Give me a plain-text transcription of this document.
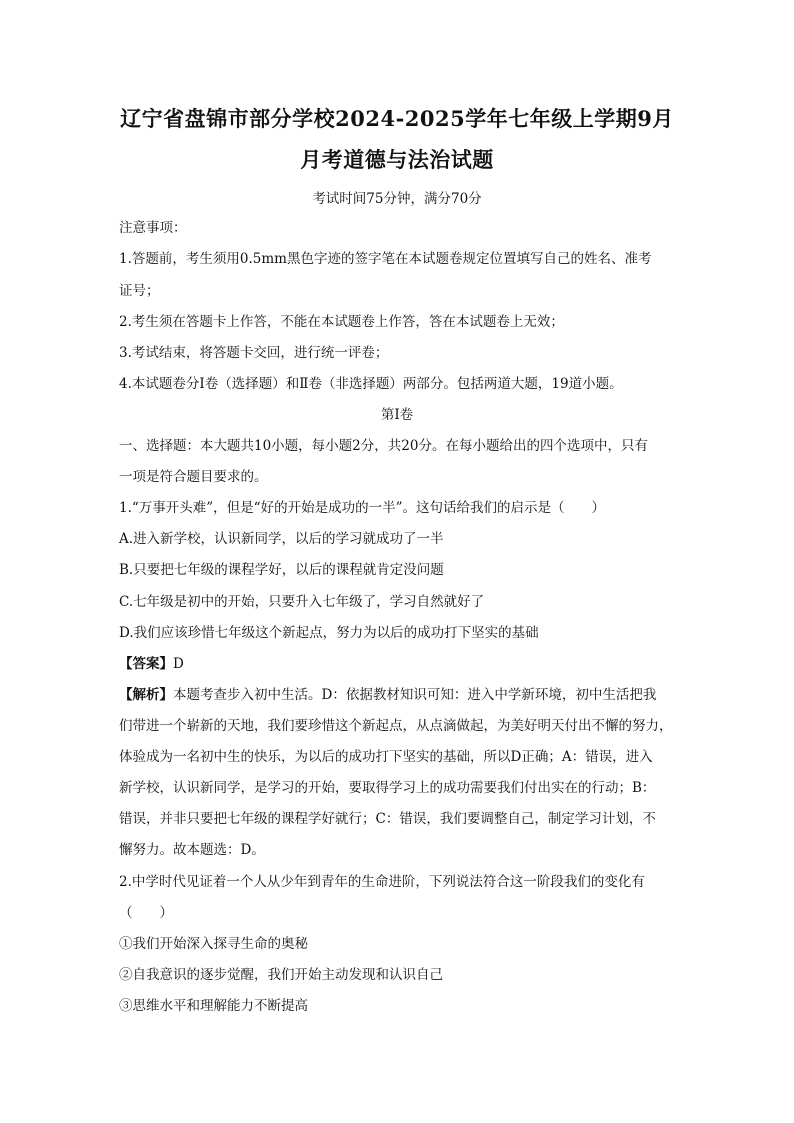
辽宁省盘锦市部分学校2024-2025学年七年级上学期9月
月考道德与法治试题
考试时间75分钟，满分70分
注意事项：
1.答题前，考生须用0.5mm黑色字迹的签字笔在本试题卷规定位置填写自己的姓名、准考
证号；
2.考生须在答题卡上作答，不能在本试题卷上作答，答在本试题卷上无效；
3.考试结束，将答题卡交回，进行统一评卷；
4.本试题卷分Ⅰ卷（选择题）和Ⅱ卷（非选择题）两部分。包括两道大题，19道小题。
第Ⅰ卷
一、选择题：本大题共10小题，每小题2分，共20分。在每小题给出的四个选项中，只有
一项是符合题目要求的。
1.“万事开头难”，但是“好的开始是成功的一半”。这句话给我们的启示是（　　）
A.进入新学校，认识新同学，以后的学习就成功了一半
B.只要把七年级的课程学好，以后的课程就肯定没问题
C.七年级是初中的开始，只要升入七年级了，学习自然就好了
D.我们应该珍惜七年级这个新起点，努力为以后的成功打下坚实的基础
【答案】D
【解析】本题考查步入初中生活。D：依据教材知识可知：进入中学新环境，初中生活把我
们带进一个崭新的天地，我们要珍惜这个新起点，从点滴做起，为美好明天付出不懈的努力，
体验成为一名初中生的快乐，为以后的成功打下坚实的基础，所以D正确；A：错误，进入
新学校，认识新同学，是学习的开始，要取得学习上的成功需要我们付出实在的行动；B：
错误，并非只要把七年级的课程学好就行；C：错误，我们要调整自己，制定学习计划，不
懈努力。故本题选：D。
2.中学时代见证着一个人从少年到青年的生命进阶，下列说法符合这一阶段我们的变化有
（　　）
①我们开始深入探寻生命的奥秘
②自我意识的逐步觉醒，我们开始主动发现和认识自己
③思维水平和理解能力不断提高
